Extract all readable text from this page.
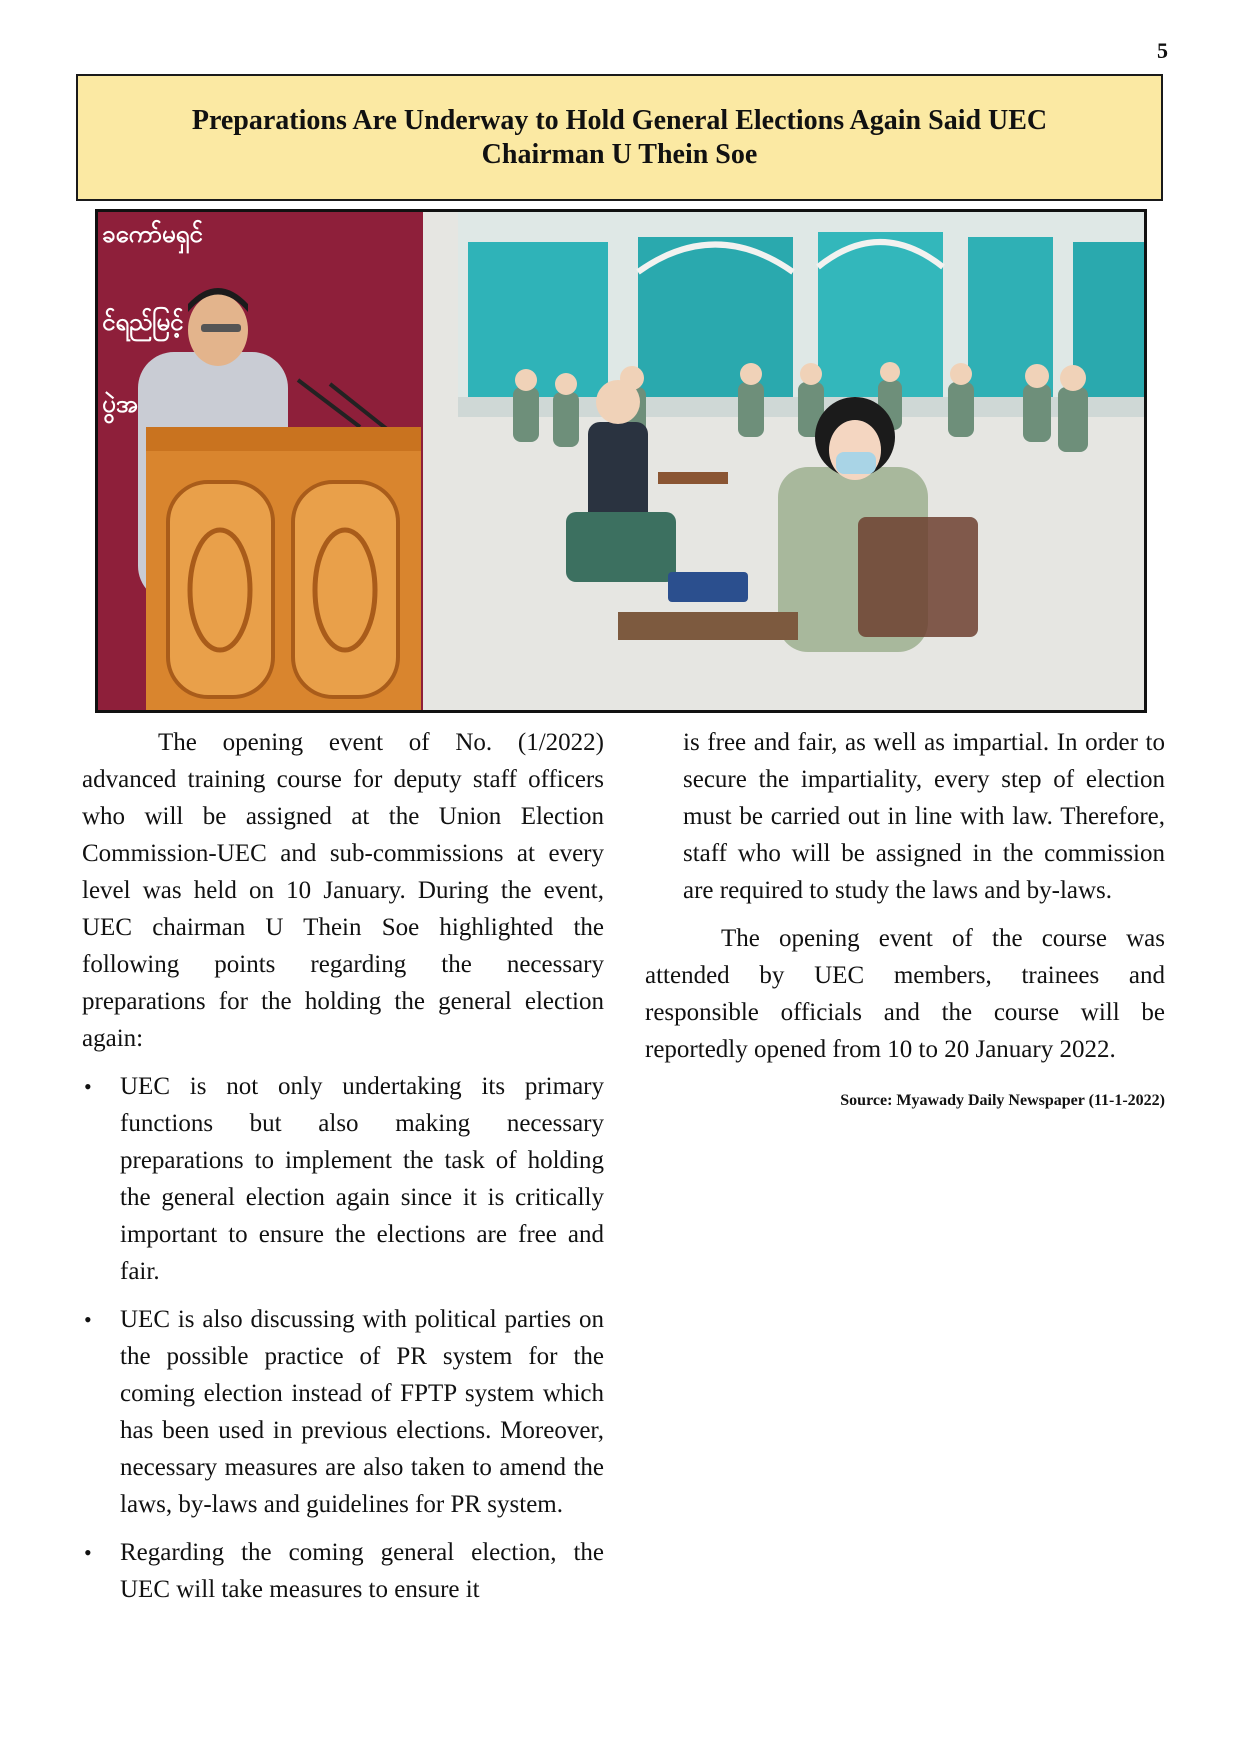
5
Preparations Are Underway to Hold General Elections Again Said UEC
Chairman U Thein Soe
ခကော်မရှင်
င်ရည်မြင့်
ပွဲအ

The opening event of No. (1/2022) advanced training course for deputy staff officers who will be assigned at the Union Election Commission-UEC and sub-commissions at every level was held on 10 January. During the event, UEC chairman U Thein Soe highlighted the following points regarding the necessary preparations for the holding the general election again:

• UEC is not only undertaking its primary functions but also making necessary preparations to implement the task of holding the general election again since it is critically important to ensure the elections are free and fair.
• UEC is also discussing with political parties on the possible practice of PR system for the coming election instead of FPTP system which has been used in previous elections. Moreover, necessary measures are also taken to amend the laws, by-laws and guidelines for PR system.
• Regarding the coming general election, the UEC will take measures to ensure it

is free and fair, as well as impartial. In order to secure the impartiality, every step of election must be carried out in line with law. Therefore, staff who will be assigned in the commission are required to study the laws and by-laws.

The opening event of the course was attended by UEC members, trainees and responsible officials and the course will be reportedly opened from 10 to 20 January 2022.

Source: Myawady Daily Newspaper (11-1-2022)
